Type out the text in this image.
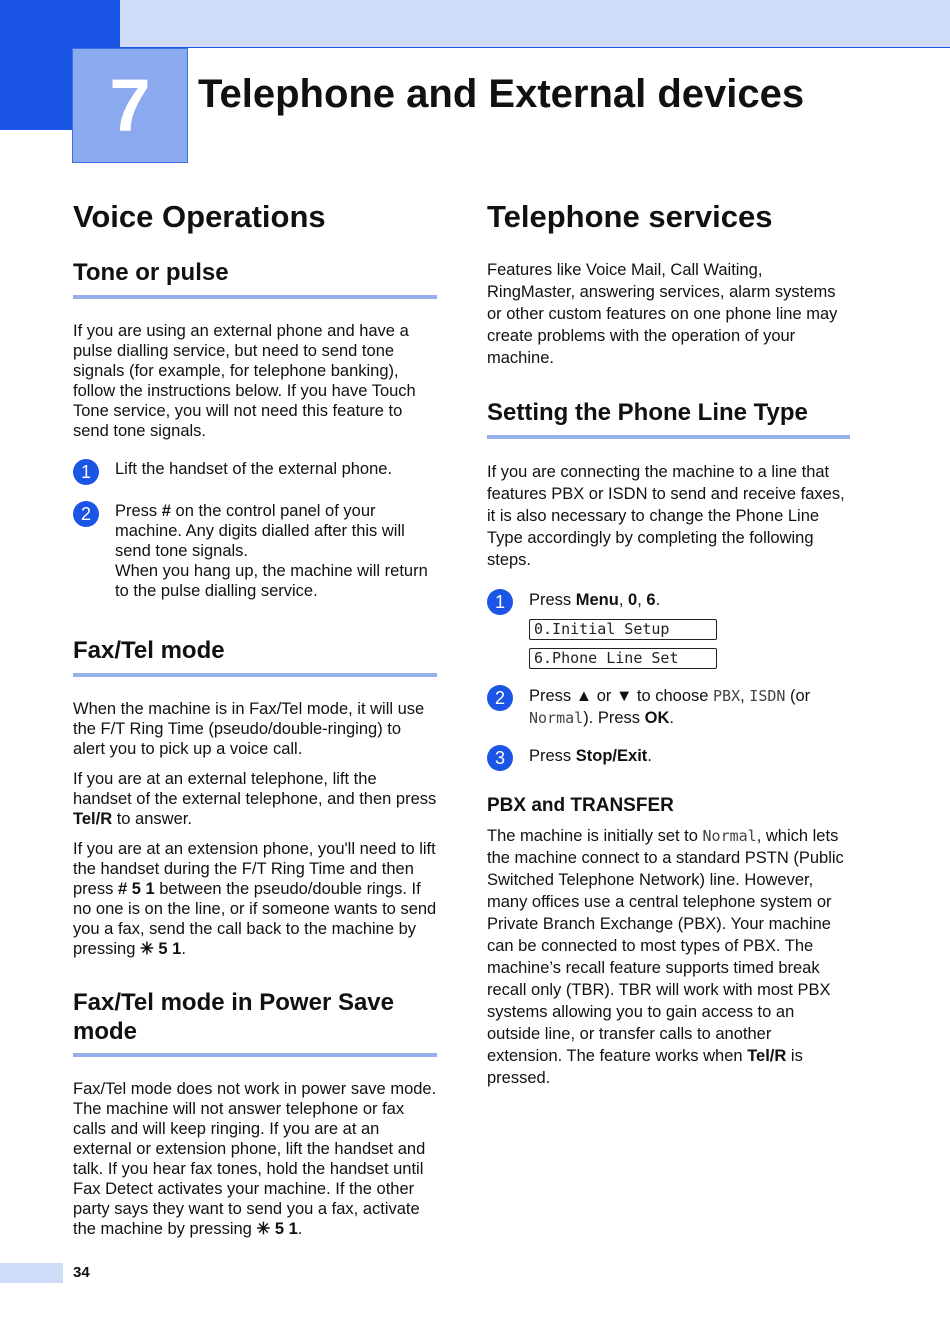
7 Telephone and External devices
Voice Operations
Tone or pulse

If you are using an external phone and have a pulse dialling service, but need to send tone signals (for example, for telephone banking), follow the instructions below. If you have Touch Tone service, you will not need this feature to send tone signals.

1	Lift the handset of the external phone.
2	Press # on the control panel of your machine. Any digits dialled after this will send tone signals.
When you hang up, the machine will return to the pulse dialling service.
Fax/Tel mode

When the machine is in Fax/Tel mode, it will use the F/T Ring Time (pseudo/double-ringing) to alert you to pick up a voice call.

If you are at an external telephone, lift the handset of the external telephone, and then press Tel/R to answer.

If you are at an extension phone, you'll need to lift the handset during the F/T Ring Time and then press # 5 1 between the pseudo/double rings. If no one is on the line, or if someone wants to send you a fax, send the call back to the machine by pressing ✳ 5 1.

Fax/Tel mode in Power Save mode

Fax/Tel mode does not work in power save mode. The machine will not answer telephone or fax calls and will keep ringing. If you are at an external or extension phone, lift the handset and talk. If you hear fax tones, hold the handset until Fax Detect activates your machine. If the other party says they want to send you a fax, activate the machine by pressing ✳ 5 1.

Telephone services

Features like Voice Mail, Call Waiting, RingMaster, answering services, alarm systems or other custom features on one phone line may create problems with the operation of your machine.

Setting the Phone Line Type

If you are connecting the machine to a line that features PBX or ISDN to send and receive faxes, it is also necessary to change the Phone Line Type accordingly by completing the following steps.

1	Press Menu, 0, 6.
0.Initial Setup
6.Phone Line Set
2	Press ▲ or ▼ to choose PBX, ISDN (or Normal). Press OK.
3	Press Stop/Exit.
PBX and TRANSFER

The machine is initially set to Normal, which lets the machine connect to a standard PSTN (Public Switched Telephone Network) line. However, many offices use a central telephone system or Private Branch Exchange (PBX). Your machine can be connected to most types of PBX. The machine’s recall feature supports timed break recall only (TBR). TBR will work with most PBX systems allowing you to gain access to an outside line, or transfer calls to another extension. The feature works when Tel/R is pressed.

34
